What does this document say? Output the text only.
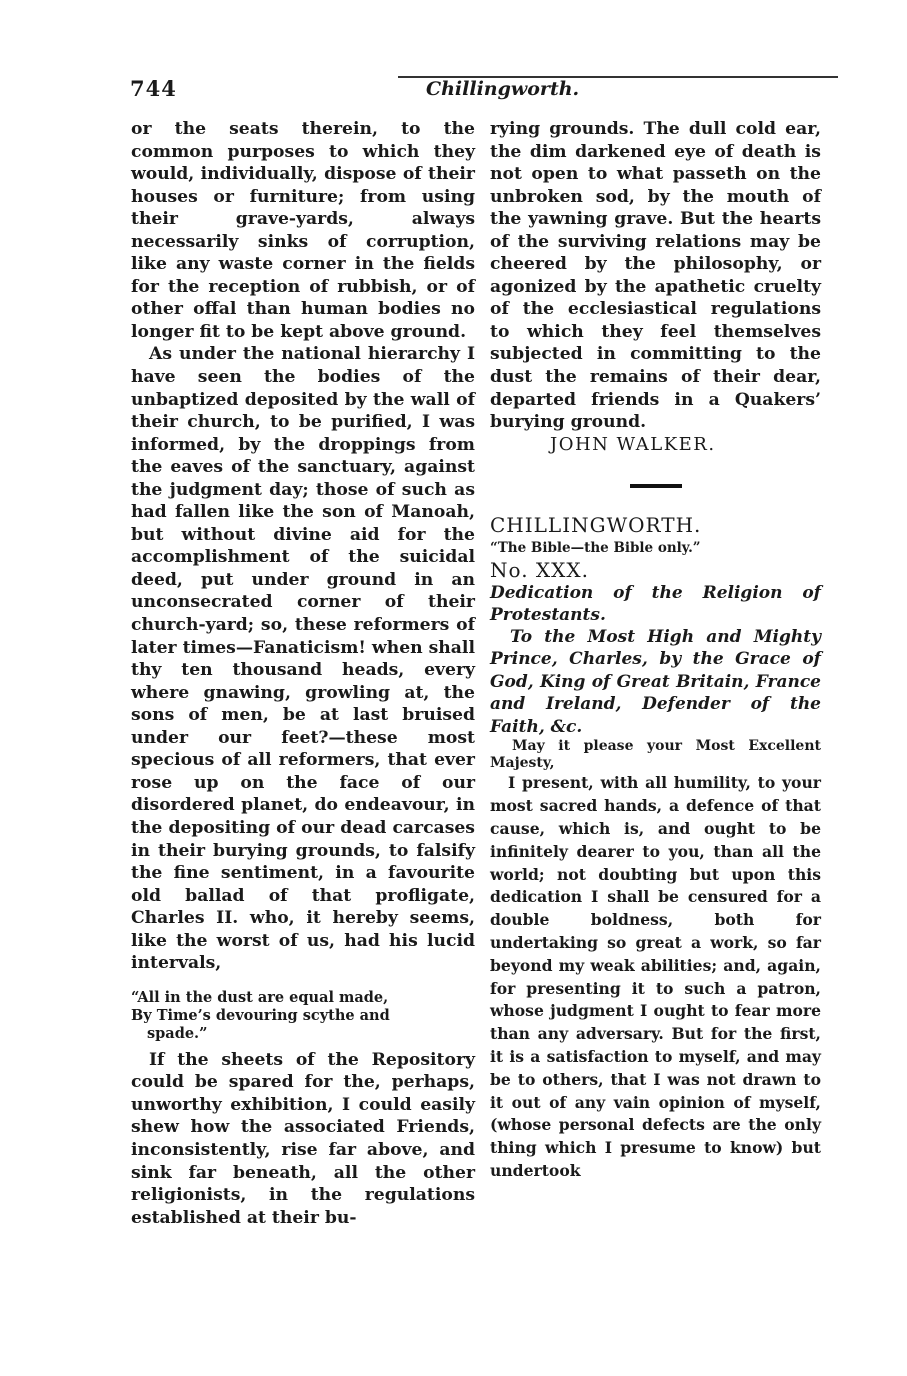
744	Chillingworth.

or the seats therein, to the common purposes to which they would, individually, dispose of their houses or furniture; from using their grave-yards, always necessarily sinks of corruption, like any waste corner in the fields for the reception of rubbish, or of other offal than human bodies no longer fit to be kept above ground.

As under the national hierarchy I have seen the bodies of the unbaptized deposited by the wall of their church, to be purified, I was informed, by the droppings from the eaves of the sanctuary, against the judgment day; those of such as had fallen like the son of Manoah, but without divine aid for the accomplishment of the suicidal deed, put under ground in an unconsecrated corner of their church-yard; so, these reformers of later times—Fanaticism! when shall thy ten thousand heads, every where gnawing, growling at, the sons of men, be at last bruised under our feet?—these most specious of all reformers, that ever rose up on the face of our disordered planet, do endeavour, in the depositing of our dead carcases in their burying grounds, to falsify the fine sentiment, in a favourite old ballad of that profligate, Charles II. who, it hereby seems, like the worst of us, had his lucid intervals,

“All in the dust are equal made,
By Time’s devouring scythe and
spade.”

If the sheets of the Repository could be spared for the, perhaps, unworthy exhibition, I could easily shew how the associated Friends, inconsistently, rise far above, and sink far beneath, all the other religionists, in the regulations established at their bu-

rying grounds. The dull cold ear, the dim darkened eye of death is not open to what passeth on the unbroken sod, by the mouth of the yawning grave. But the hearts of the surviving relations may be cheered by the philosophy, or agonized by the apathetic cruelty of the ecclesiastical regulations to which they feel themselves subjected in committing to the dust the remains of their dear, departed friends in a Quakers’ burying ground.

JOHN WALKER.

CHILLINGWORTH.

“The Bible—the Bible only.”

No. XXX.

Dedication of the Religion of Protestants.

To the Most High and Mighty Prince, Charles, by the Grace of God, King of Great Britain, France and Ireland, Defender of the Faith, &c.

May it please your Most Excellent Majesty,

I present, with all humility, to your most sacred hands, a defence of that cause, which is, and ought to be infinitely dearer to you, than all the world; not doubting but upon this dedication I shall be censured for a double boldness, both for undertaking so great a work, so far beyond my weak abilities; and, again, for presenting it to such a patron, whose judgment I ought to fear more than any adversary. But for the first, it is a satisfaction to myself, and may be to others, that I was not drawn to it out of any vain opinion of myself, (whose personal defects are the only thing which I presume to know) but undertook
